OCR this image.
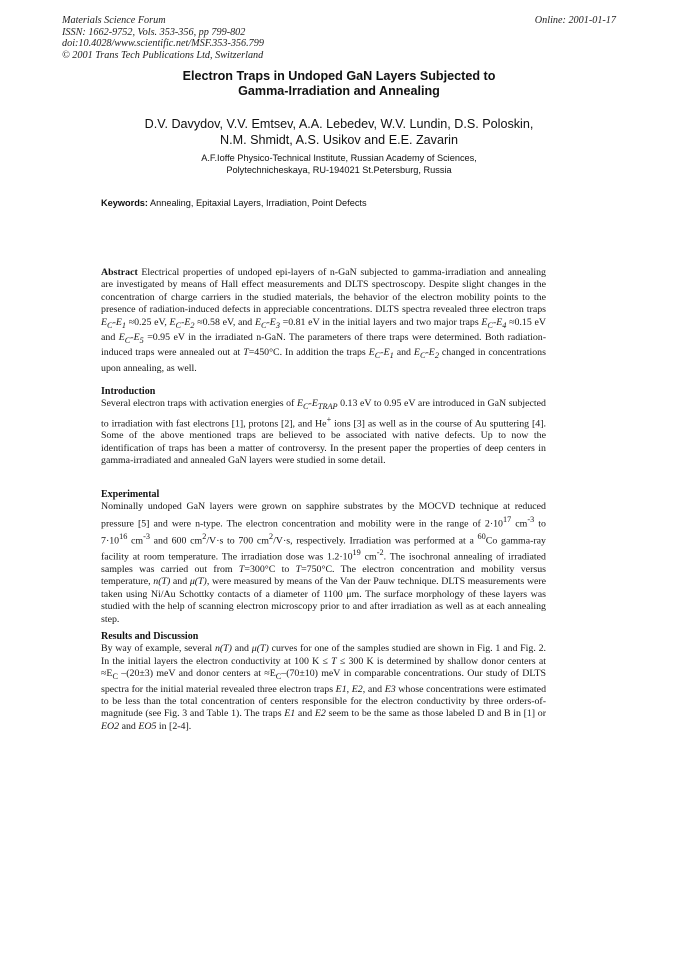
Materials Science Forum
ISSN: 1662-9752, Vols. 353-356, pp 799-802
doi:10.4028/www.scientific.net/MSF.353-356.799
© 2001 Trans Tech Publications Ltd, Switzerland
Online: 2001-01-17
Electron Traps in Undoped GaN Layers Subjected to
Gamma-Irradiation and Annealing
D.V. Davydov, V.V. Emtsev, A.A. Lebedev, W.V. Lundin, D.S. Poloskin,
N.M. Shmidt, A.S. Usikov and E.E. Zavarin
A.F.Ioffe Physico-Technical Institute, Russian Academy of Sciences,
Polytechnicheskaya, RU-194021 St.Petersburg, Russia
Keywords: Annealing, Epitaxial Layers, Irradiation, Point Defects

Abstract Electrical properties of undoped epi-layers of n-GaN subjected to gamma-irradiation and annealing are investigated by means of Hall effect measurements and DLTS spectroscopy. Despite slight changes in the concentration of charge carriers in the studied materials, the behavior of the electron mobility points to the presence of radiation-induced defects in appreciable concentrations. DLTS spectra revealed three electron traps $E_C-E_1 \approx 0.25$ eV, $E_C-E_2 \approx 0.58$ eV, and $E_C-E_3 =0.81$ eV in the initial layers and two major traps $E_C-E_4 \approx 0.15$ eV and $E_C-E_5 =0.95$ eV in the irradiated n-GaN. The parameters of there traps were determined. Both radiation-induced traps were annealed out at T=450°C. In addition the traps $E_C-E_1$ and $E_C-E_2$ changed in concentrations upon annealing, as well.

Introduction

Several electron traps with activation energies of $E_C-E_{TRAP}$ 0.13 eV to 0.95 eV are introduced in GaN subjected to irradiation with fast electrons [1], protons [2], and He+ ions [3] as well as in the course of Au sputtering [4]. Some of the above mentioned traps are believed to be associated with native defects. Up to now the identification of traps has been a matter of controversy. In the present paper the properties of deep centers in gamma-irradiated and annealed GaN layers were studied in some detail.

Experimental

Nominally undoped GaN layers were grown on sapphire substrates by the MOCVD technique at reduced pressure [5] and were n-type. The electron concentration and mobility were in the range of $2\cdot 10^{17}$ $cm^{-3}$ to $7\cdot 10^{16}$ $cm^{-3}$ and 600 $cm^2/V\cdot s$ to 700 $cm^2/V\cdot s$, respectively. Irradiation was performed at a $^{60}$Co gamma-ray facility at room temperature. The irradiation dose was $1.2\cdot 10^{19}$ $cm^{-2}$. The isochronal annealing of irradiated samples was carried out from T=300°C to T=750°C. The electron concentration and mobility versus temperature, n(T) and μ(T), were measured by means of the Van der Pauw technique. DLTS measurements were taken using Ni/Au Schottky contacts of a diameter of 1100 μm. The surface morphology of these layers was studied with the help of scanning electron microscopy prior to and after irradiation as well as at each annealing step.

Results and Discussion

By way of example, several n(T) and μ(T) curves for one of the samples studied are shown in Fig. 1 and Fig. 2. In the initial layers the electron conductivity at 100 K ≤ T ≤ 300 K is determined by shallow donor centers at $\approx E_C$ –(20±3) meV and donor centers at $\approx E_C-(70\pm 10)$ meV in comparable concentrations. Our study of DLTS spectra for the initial material revealed three electron traps E1, E2, and E3 whose concentrations were estimated to be less than the total concentration of centers responsible for the electron conductivity by three orders-of-magnitude (see Fig. 3 and Table 1). The traps E1 and E2 seem to be the same as those labeled D and B in [1] or EO2 and EO5 in [2-4].
